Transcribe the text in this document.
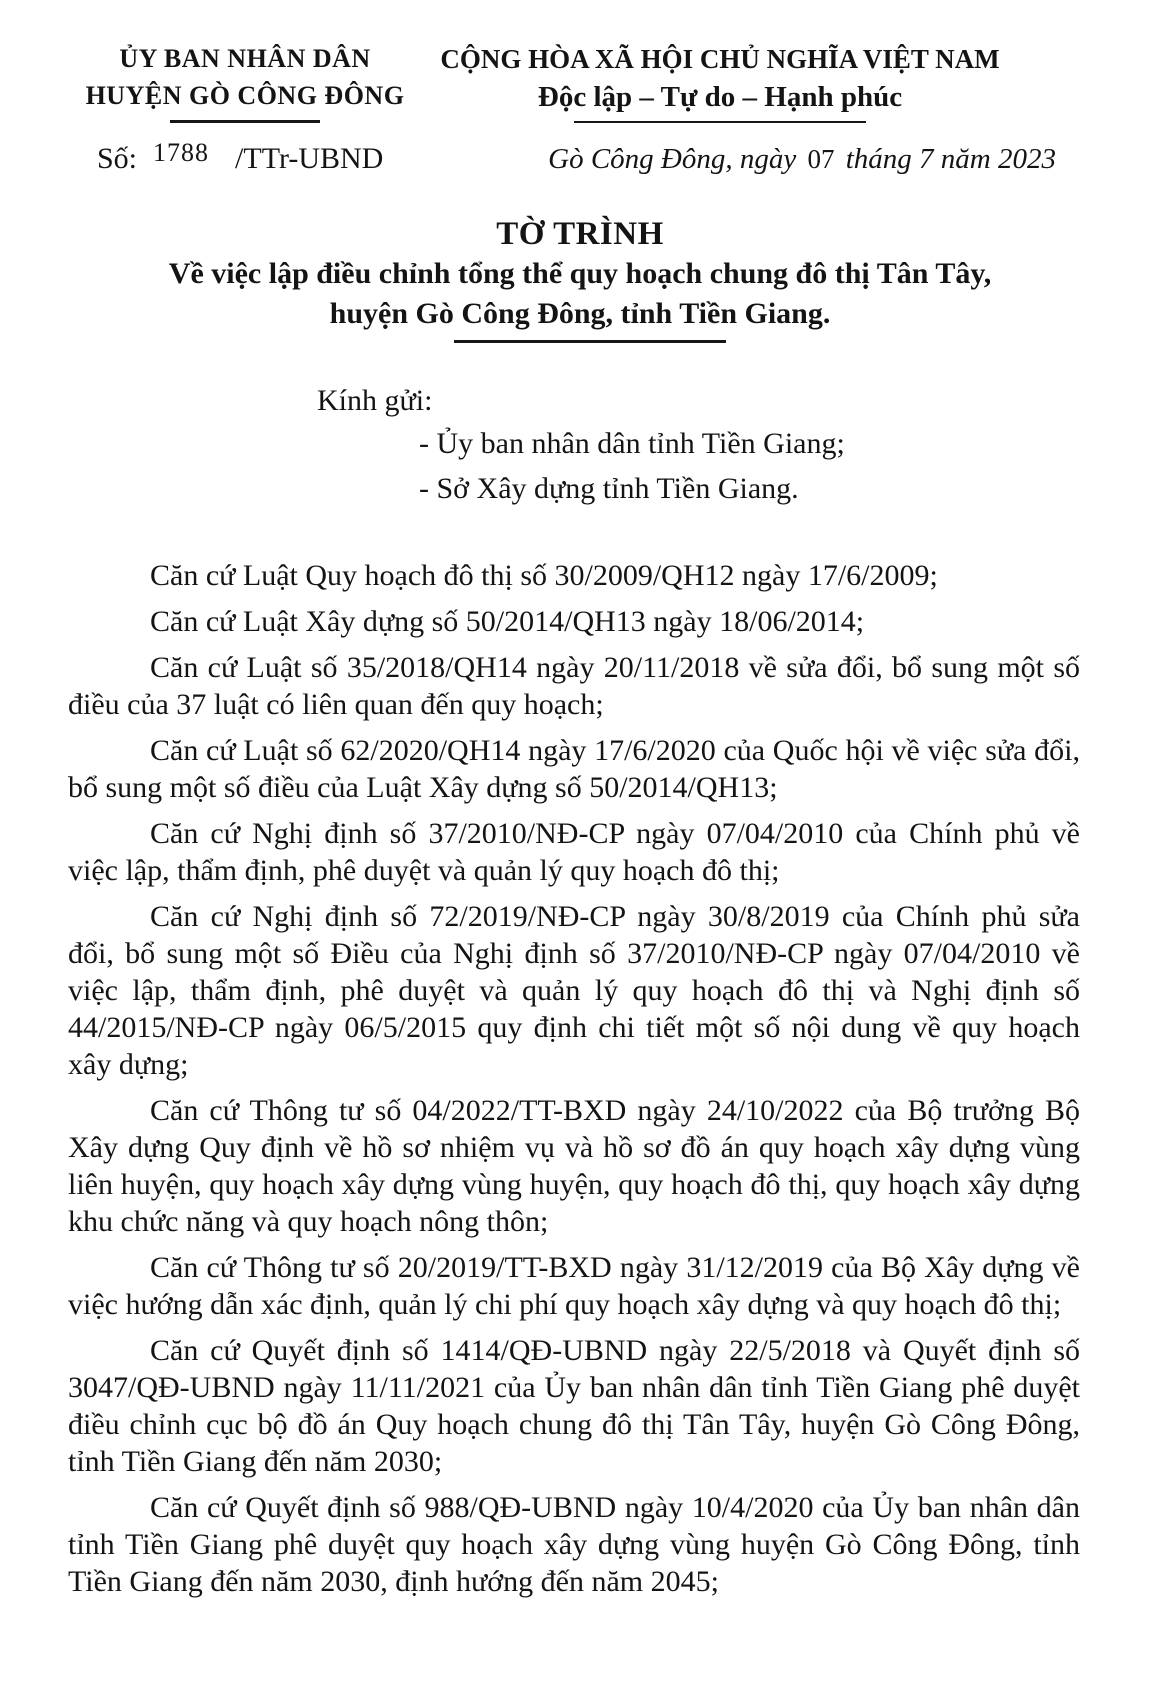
ỦY BAN NHÂN DÂN
HUYỆN GÒ CÔNG ĐÔNG
CỘNG HÒA XÃ HỘI CHỦ NGHĨA VIỆT NAM
Độc lập – Tự do – Hạnh phúc
Số: 1788 /TTr-UBND	Gò Công Đông, ngày 07 tháng 7 năm 2023
TỜ TRÌNH
Về việc lập điều chỉnh tổng thể quy hoạch chung đô thị Tân Tây,
huyện Gò Công Đông, tỉnh Tiền Giang.
Kính gửi:
- Ủy ban nhân dân tỉnh Tiền Giang;
- Sở Xây dựng tỉnh Tiền Giang.

Căn cứ Luật Quy hoạch đô thị số 30/2009/QH12 ngày 17/6/2009;

Căn cứ Luật Xây dựng số 50/2014/QH13 ngày 18/06/2014;

Căn cứ Luật số 35/2018/QH14 ngày 20/11/2018 về sửa đổi, bổ sung một số điều của 37 luật có liên quan đến quy hoạch;

Căn cứ Luật số 62/2020/QH14 ngày 17/6/2020 của Quốc hội về việc sửa đổi, bổ sung một số điều của Luật Xây dựng số 50/2014/QH13;

Căn cứ Nghị định số 37/2010/NĐ-CP ngày 07/04/2010 của Chính phủ về việc lập, thẩm định, phê duyệt và quản lý quy hoạch đô thị;

Căn cứ Nghị định số 72/2019/NĐ-CP ngày 30/8/2019 của Chính phủ sửa đổi, bổ sung một số Điều của Nghị định số 37/2010/NĐ-CP ngày 07/04/2010 về việc lập, thẩm định, phê duyệt và quản lý quy hoạch đô thị và Nghị định số 44/2015/NĐ-CP ngày 06/5/2015 quy định chi tiết một số nội dung về quy hoạch xây dựng;

Căn cứ Thông tư số 04/2022/TT-BXD ngày 24/10/2022 của Bộ trưởng Bộ Xây dựng Quy định về hồ sơ nhiệm vụ và hồ sơ đồ án quy hoạch xây dựng vùng liên huyện, quy hoạch xây dựng vùng huyện, quy hoạch đô thị, quy hoạch xây dựng khu chức năng và quy hoạch nông thôn;

Căn cứ Thông tư số 20/2019/TT-BXD ngày 31/12/2019 của Bộ Xây dựng về việc hướng dẫn xác định, quản lý chi phí quy hoạch xây dựng và quy hoạch đô thị;

Căn cứ Quyết định số 1414/QĐ-UBND ngày 22/5/2018 và Quyết định số 3047/QĐ-UBND ngày 11/11/2021 của Ủy ban nhân dân tỉnh Tiền Giang phê duyệt điều chỉnh cục bộ đồ án Quy hoạch chung đô thị Tân Tây, huyện Gò Công Đông, tỉnh Tiền Giang đến năm 2030;

Căn cứ Quyết định số 988/QĐ-UBND ngày 10/4/2020 của Ủy ban nhân dân tỉnh Tiền Giang phê duyệt quy hoạch xây dựng vùng huyện Gò Công Đông, tỉnh Tiền Giang đến năm 2030, định hướng đến năm 2045;
